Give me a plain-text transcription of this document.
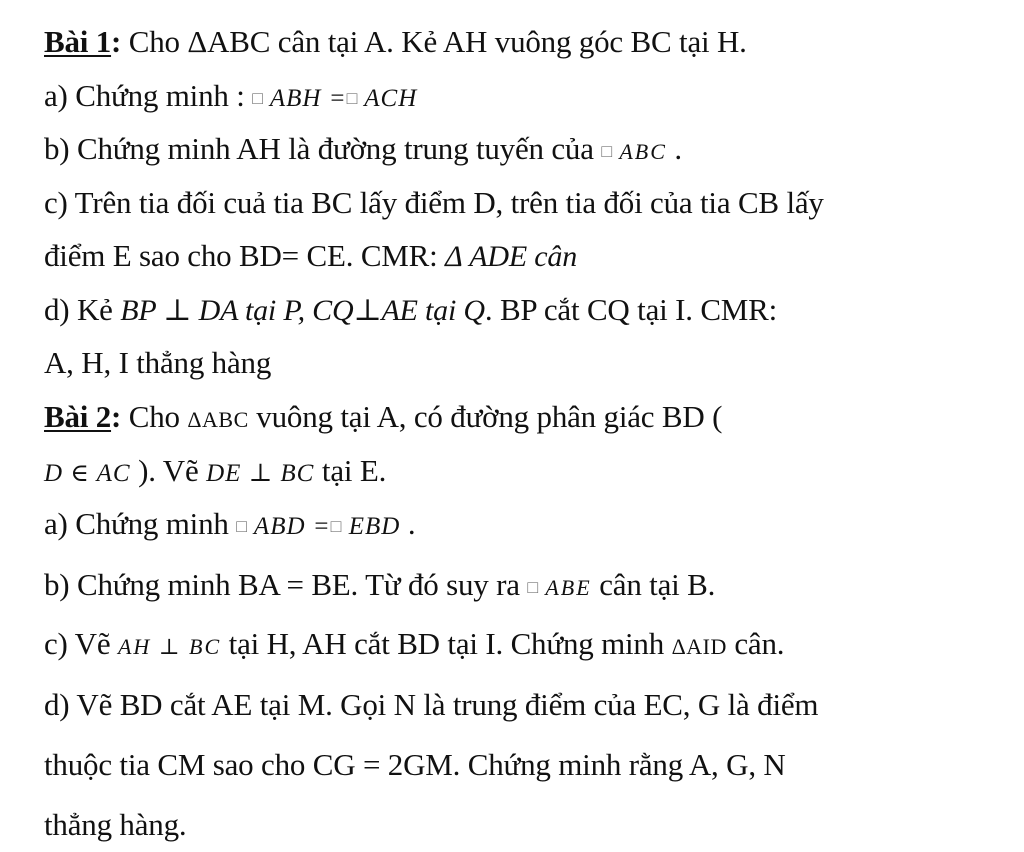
Bài 1: Cho ΔABC cân tại A. Kẻ AH vuông góc BC tại H.
a) Chứng minh : □ ABH =□ ACH
b) Chứng minh AH là đường trung tuyến của □ ABC .
c) Trên tia đối cuả tia BC lấy điểm D, trên tia đối của tia CB lấy
điểm E sao cho BD= CE. CMR: Δ ADE cân
d) Kẻ BP ⊥ DA tại P, CQ⊥AE tại Q. BP cắt CQ tại I. CMR:
A, H, I thẳng hàng
Bài 2: Cho ΔABC vuông tại A, có đường phân giác BD (
D ∈ AC ). Vẽ DE ⊥ BC tại E.
a) Chứng minh □ ABD =□ EBD .
b) Chứng minh BA = BE. Từ đó suy ra □ ABE cân tại B.
c) Vẽ AH ⊥ BC tại H, AH cắt BD tại I. Chứng minh ΔAID cân.
d) Vẽ BD cắt AE tại M. Gọi N là trung điểm của EC, G là điểm
thuộc tia CM sao cho CG = 2GM. Chứng minh rằng A, G, N
thẳng hàng.
